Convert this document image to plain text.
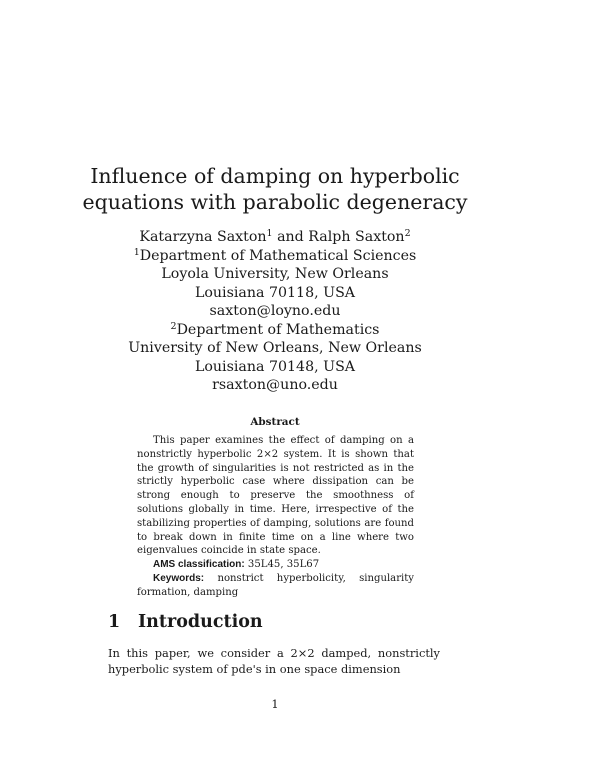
Influence of damping on hyperbolic
equations with parabolic degeneracy
Katarzyna Saxton$^1$ and Ralph Saxton$^2$
$^1$Department of Mathematical Sciences
Loyola University, New Orleans
Louisiana 70118, USA
saxton@loyno.edu
$^2$Department of Mathematics
University of New Orleans, New Orleans
Louisiana 70148, USA
rsaxton@uno.edu
Abstract

This paper examines the effect of damping on a nonstrictly hyperbolic 2×2 system. It is shown that the growth of singularities is not restricted as in the strictly hyperbolic case where dissipation can be strong enough to preserve the smoothness of solutions globally in time. Here, irrespective of the stabilizing properties of damping, solutions are found to break down in finite time on a line where two eigenvalues coincide in state space.

AMS classification: 35L45, 35L67

Keywords: nonstrict hyperbolicity, singularity formation, damping

1 Introduction

In this paper, we consider a 2×2 damped, nonstrictly hyperbolic system of pde's in one space dimension

1
